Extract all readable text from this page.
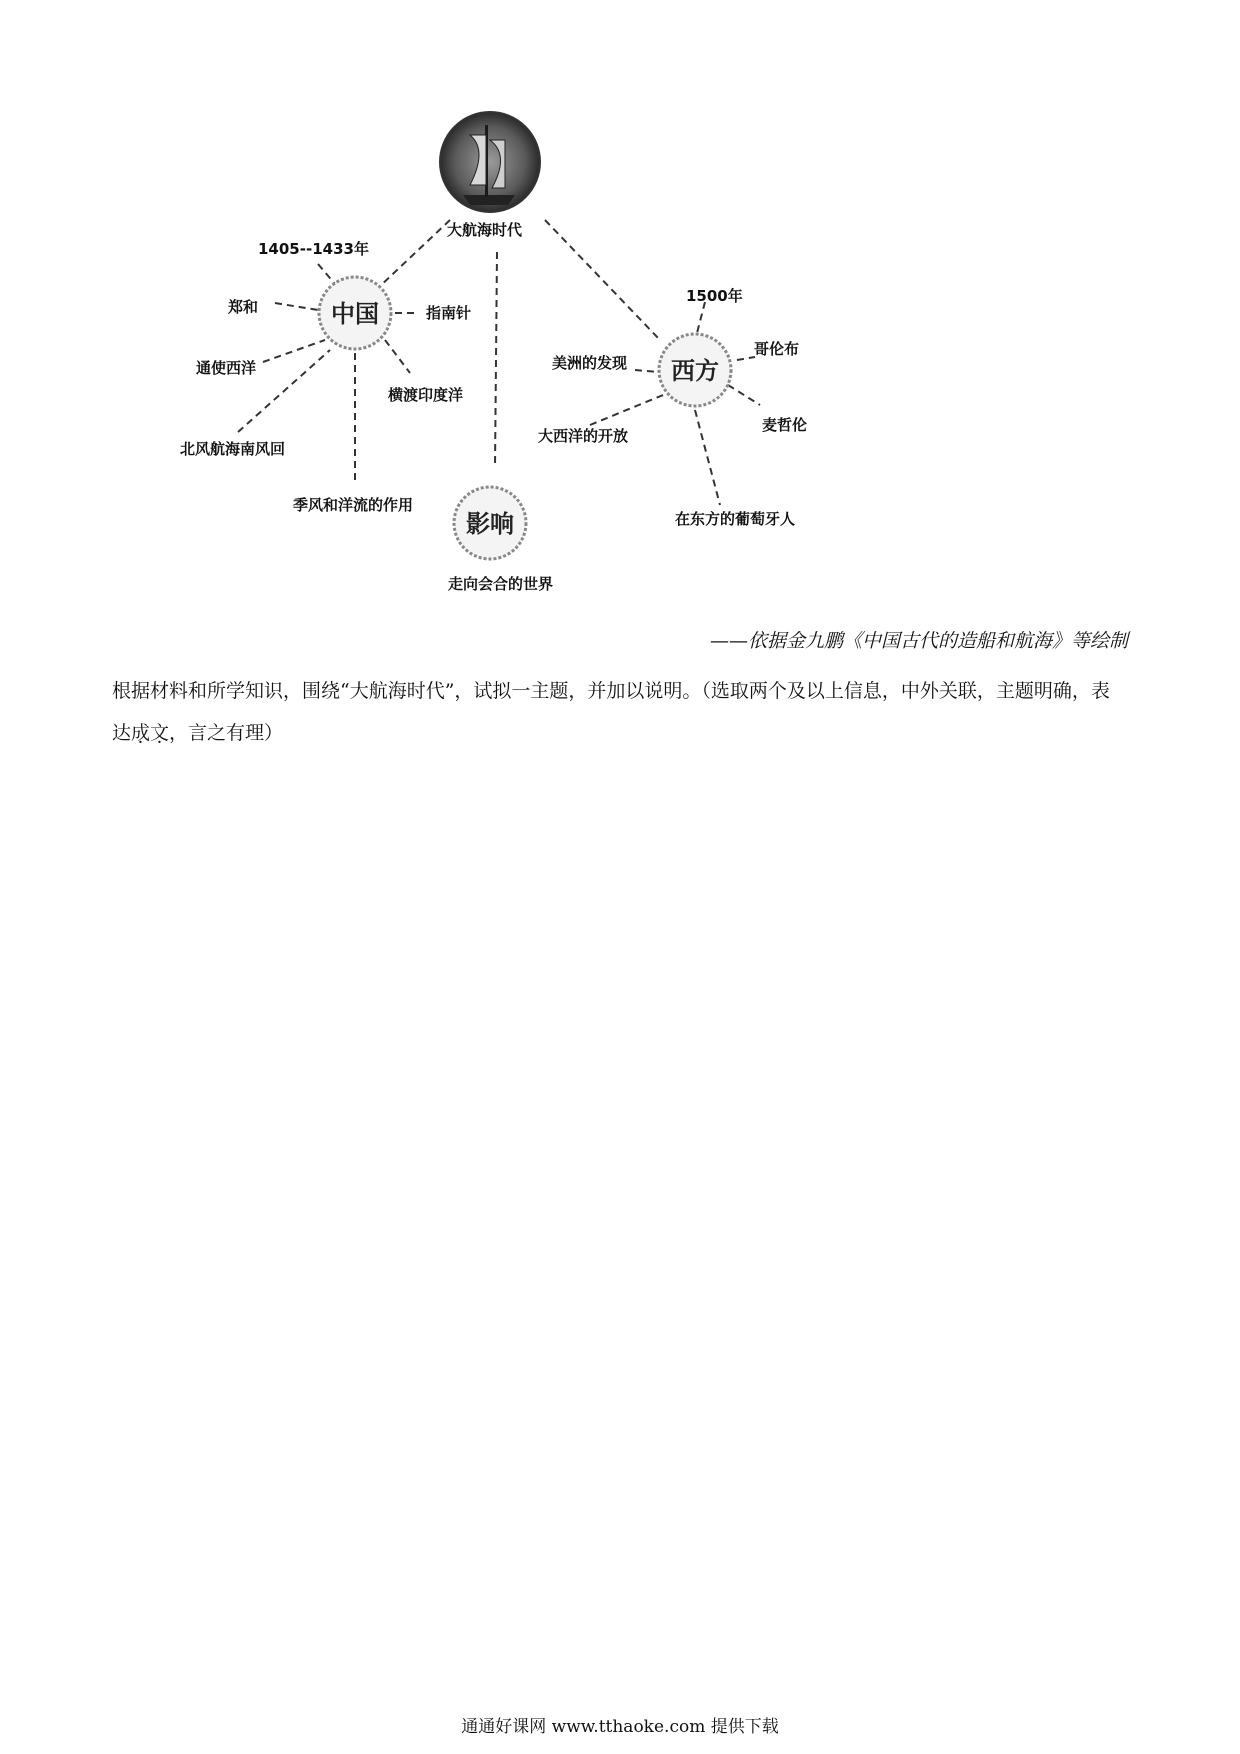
中国
西方
影响
大航海时代
1405--1433年
郑和	指南针
通使西洋
横渡印度洋
北风航海南风回
季风和洋流的作用
1500年
哥伦布
美洲的发现
麦哲伦
大西洋的开放
在东方的葡萄牙人
走向会合的世界
——依据金九鹏《中国古代的造船和航海》等绘制
根据材料和所学知识，围绕“大航海时代”，试拟一主题，并加以说明。（选取两个及以上信息，中外关联，主题明确，表达成文，言之有理）
通通好课网 www.tthaoke.com 提供下载
